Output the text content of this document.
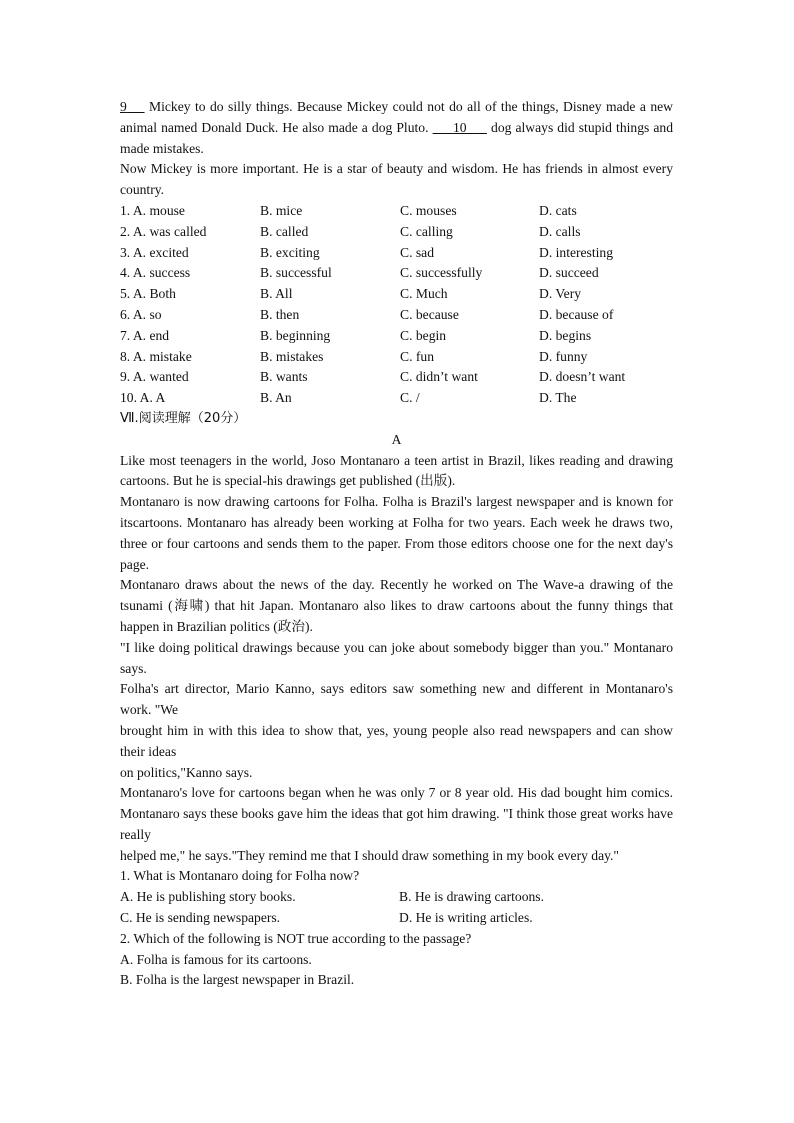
9 Mickey to do silly things. Because Mickey could not do all of the things, Disney made a new animal named Donald Duck. He also made a dog Pluto. 10 dog always did stupid things and made mistakes.

Now Mickey is more important. He is a star of beauty and wisdom. He has friends in almost every country.

1. A. mouse	B. mice	C. mouses	D. cats
2. A. was called	B. called	C. calling	D. calls
3. A. excited	B. exciting	C. sad	D. interesting
4. A. success	B. successful	C. successfully	D. succeed
5. A. Both	B. All	C. Much	D. Very
6. A. so	B. then	C. because	D. because of
7. A. end	B. beginning	C. begin	D. begins
8. A. mistake	B. mistakes	C. fun	D. funny
9. A. wanted	B. wants	C. didn’t want	D. doesn’t want
10. A. A	B. An	C. /	D. The

Ⅶ.阅读理解（20分）

A

Like most teenagers in the world, Joso Montanaro a teen artist in Brazil, likes reading and drawing cartoons. But he is special-his drawings get published (出版).

Montanaro is now drawing cartoons for Folha. Folha is Brazil's largest newspaper and is known for itscartoons. Montanaro has already been working at Folha for two years. Each week he draws two, three or four cartoons and sends them to the paper. From those editors choose one for the next day's page.

Montanaro draws about the news of the day. Recently he worked on The Wave-a drawing of the tsunami (海啸) that hit Japan. Montanaro also likes to draw cartoons about the funny things that happen in Brazilian politics (政治).

"I like doing political drawings because you can joke about somebody bigger than you." Montanaro says.

Folha's art director, Mario Kanno, says editors saw something new and different in Montanaro's work. "We

brought him in with this idea to show that, yes, young people also read newspapers and can show their ideas

on politics,"Kanno says.

Montanaro's love for cartoons began when he was only 7 or 8 year old. His dad bought him comics. Montanaro says these books gave him the ideas that got him drawing. "I think those great works have really

helped me," he says."They remind me that I should draw something in my book every day."

1. What is Montanaro doing for Folha now?

A. He is publishing story books.	B. He is drawing cartoons.
C. He is sending newspapers.	D. He is writing articles.

2. Which of the following is NOT true according to the passage?

A. Folha is famous for its cartoons.

B. Folha is the largest newspaper in Brazil.
